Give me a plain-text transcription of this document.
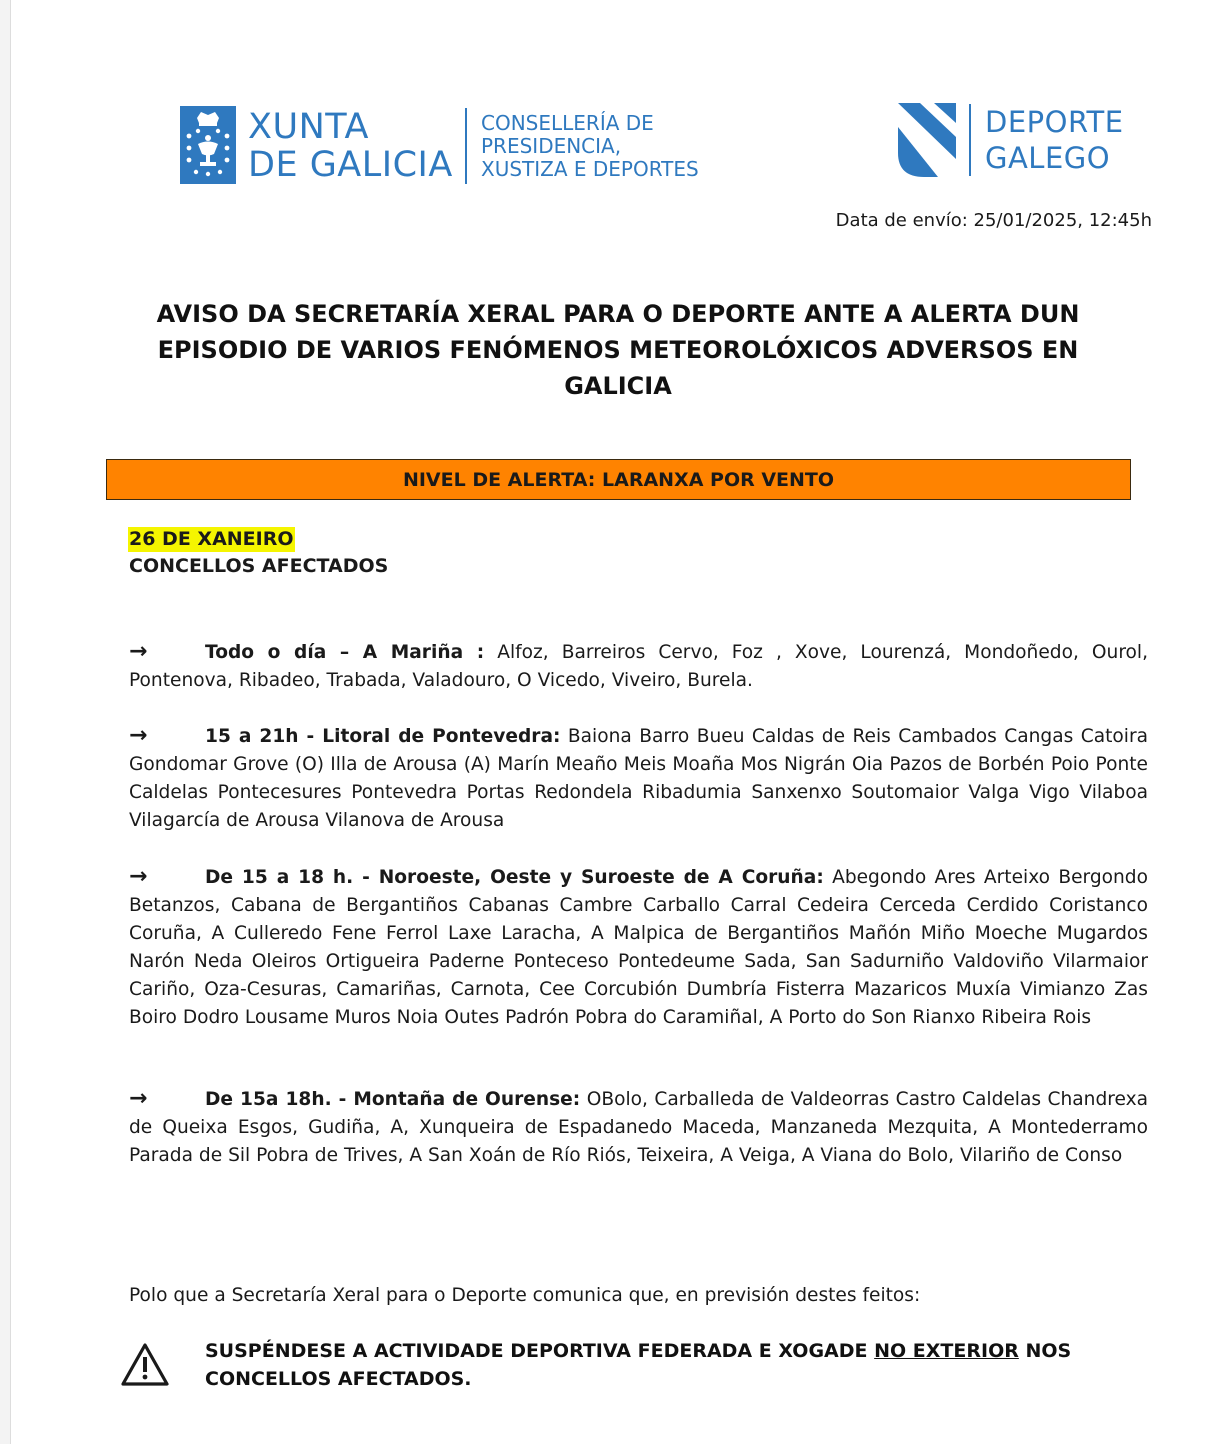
XUNTA
DE GALICIA
CONSELLERÍA DE
PRESIDENCIA,
XUSTIZA E DEPORTES
DEPORTE
GALEGO
Data de envío: 25/01/2025, 12:45h
AVISO DA SECRETARÍA XERAL PARA O DEPORTE ANTE A ALERTA DUN
EPISODIO DE VARIOS FENÓMENOS METEOROLÓXICOS ADVERSOS EN
GALICIA
NIVEL DE ALERTA: LARANXA POR VENTO
26 DE XANEIRO
CONCELLOS AFECTADOS
→	Todo o día – A Mariña : Alfoz, Barreiros Cervo, Foz , Xove, Lourenzá, Mondoñedo, Ourol, Pontenova, Ribadeo, Trabada, Valadouro, O Vicedo, Viveiro, Burela.
→	15 a 21h - Litoral de Pontevedra: Baiona Barro Bueu Caldas de Reis Cambados Cangas Catoira Gondomar Grove (O) Illa de Arousa (A) Marín Meaño Meis Moaña Mos Nigrán Oia Pazos de Borbén Poio Ponte Caldelas Pontecesures Pontevedra Portas Redondela Ribadumia Sanxenxo Soutomaior Valga Vigo Vilaboa Vilagarcía de Arousa Vilanova de Arousa
→	De 15 a 18 h. - Noroeste, Oeste y Suroeste de A Coruña: Abegondo Ares Arteixo Bergondo Betanzos, Cabana de Bergantiños Cabanas Cambre Carballo Carral Cedeira Cerceda Cerdido Coristanco Coruña, A Culleredo Fene Ferrol Laxe Laracha, A Malpica de Bergantiños Mañón Miño Moeche Mugardos Narón Neda Oleiros Ortigueira Paderne Ponteceso Pontedeume Sada, San Sadurniño Valdoviño Vilarmaior Cariño, Oza-Cesuras, Camariñas, Carnota, Cee Corcubión Dumbría Fisterra Mazaricos Muxía Vimianzo Zas Boiro Dodro Lousame Muros Noia Outes Padrón Pobra do Caramiñal, A Porto do Son Rianxo Ribeira Rois
→	De 15a 18h. - Montaña de Ourense: OBolo, Carballeda de Valdeorras Castro Caldelas Chandrexa de Queixa Esgos, Gudiña, A, Xunqueira de Espadanedo Maceda, Manzaneda Mezquita, A Montederramo Parada de Sil Pobra de Trives, A San Xoán de Río Riós, Teixeira, A Veiga, A Viana do Bolo, Vilariño de Conso
Polo que a Secretaría Xeral para o Deporte comunica que, en previsión destes feitos:
SUSPÉNDESE A ACTIVIDADE DEPORTIVA FEDERADA E XOGADE NO EXTERIOR NOS
CONCELLOS AFECTADOS.
